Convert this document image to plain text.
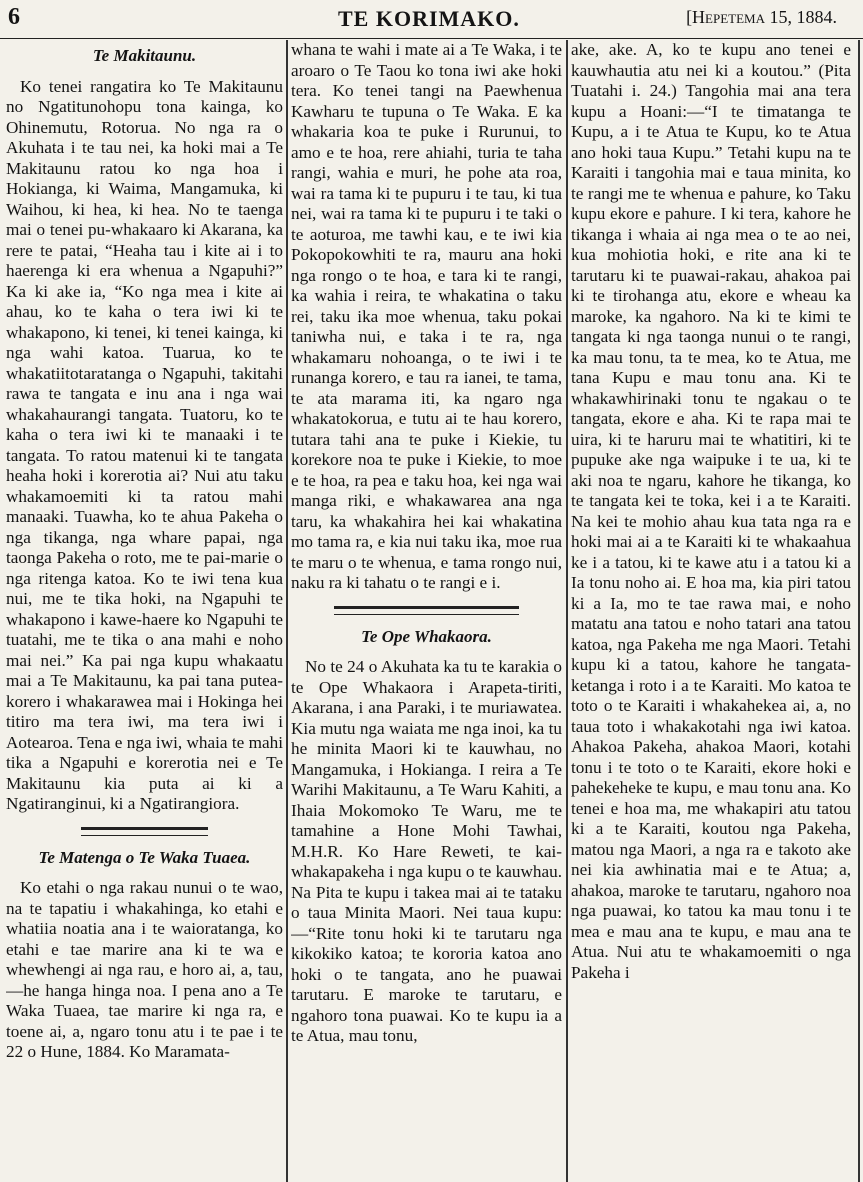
6	TE KORIMAKO.	[Hepetema 15, 1884.
Te Makitaunu.
Ko tenei rangatira ko Te Makitaunu no Ngatitunohopu tona kainga, ko Ohinemutu, Rotorua. No nga ra o Akuhata i te tau nei, ka hoki mai a Te Makitaunu ratou ko nga hoa i Hokianga, ki Waima, Mangamuka, ki Waihou, ki hea, ki hea. No te taenga mai o tenei pu-whakaaro ki Akarana, ka rere te patai, “Heaha tau i kite ai i to haerenga ki era whenua a Ngapuhi?” Ka ki ake ia, “Ko nga mea i kite ai ahau, ko te kaha o tera iwi ki te whakapono, ki tenei, ki tenei kainga, ki nga wahi katoa. Tuarua, ko te whakatiitotaratanga o Ngapuhi, takitahi rawa te tangata e inu ana i nga wai whakahaurangi tangata. Tuatoru, ko te kaha o tera iwi ki te manaaki i te tangata. To ratou matenui ki te tangata heaha hoki i korerotia ai? Nui atu taku whakamoemiti ki ta ratou mahi manaaki. Tuawha, ko te ahua Pakeha o nga tikanga, nga whare papai, nga taonga Pakeha o roto, me te pai-marie o nga ritenga katoa. Ko te iwi tena kua nui, me te tika hoki, na Ngapuhi te whakapono i kawe-haere ko Ngapuhi te tuatahi, me te tika o ana mahi e noho mai nei.” Ka pai nga kupu whakaatu mai a Te Makitaunu, ka pai tana putea-korero i whakarawea mai i Hokinga hei titiro ma tera iwi, ma tera iwi i Aotearoa. Tena e nga iwi, whaia te mahi tika a Ngapuhi e korerotia nei e Te Makitaunu kia puta ai ki a Ngatiranginui, ki a Ngatirangiora.
Te Matenga o Te Waka Tuaea.
Ko etahi o nga rakau nunui o te wao, na te tapatiu i whakahinga, ko etahi e whatiia noatia ana i te waioratanga, ko etahi e tae marire ana ki te wa e whewhengi ai nga rau, e horo ai, a, tau, —he hanga hinga noa. I pena ano a Te Waka Tuaea, tae marire ki nga ra, e toene ai, a, ngaro tonu atu i te pae i te 22 o Hune, 1884. Ko Maramata-
whana te wahi i mate ai a Te Waka, i te aroaro o Te Taou ko tona iwi ake hoki tera. Ko tenei tangi na Paewhenua Kawharu te tupuna o Te Waka. E ka whakaria koa te puke i Rurunui, to amo e te hoa, rere ahiahi, turia te taha rangi, wahia e muri, he pohe ata roa, wai ra tama ki te pupuru i te tau, ki tua nei, wai ra tama ki te pupuru i te taki o te aoturoa, me tawhi kau, e te iwi kia Pokopokowhiti te ra, mauru ana hoki nga rongo o te hoa, e tara ki te rangi, ka wahia i reira, te whakatina o taku rei, taku ika moe whenua, taku pokai taniwha nui, e taka i te ra, nga whakamaru nohoanga, o te iwi i te runanga korero, e tau ra ianei, te tama, te ata marama iti, ka ngaro nga whakatokorua, e tutu ai te hau korero, tutara tahi ana te puke i Kiekie, tu korekore noa te puke i Kiekie, to moe e te hoa, ra pea e taku hoa, kei nga wai manga riki, e whakawarea ana nga taru, ka whakahira hei kai whakatina mo tama ra, e kia nui taku ika, moe rua te maru o te whenua, e tama rongo nui, naku ra ki tahatu o te rangi e i.
Te Ope Whakaora.
No te 24 o Akuhata ka tu te karakia o te Ope Whakaora i Arapeta-tiriti, Akarana, i ana Paraki, i te muriawatea. Kia mutu nga waiata me nga inoi, ka tu he minita Maori ki te kauwhau, no Mangamuka, i Hokianga. I reira a Te Warihi Makitaunu, a Te Waru Kahiti, a Ihaia Mokomoko Te Waru, me te tamahine a Hone Mohi Tawhai, M.H.R. Ko Hare Reweti, te kai-whakapakeha i nga kupu o te kauwhau. Na Pita te kupu i takea mai ai te tataku o taua Minita Maori. Nei taua kupu:—“Rite tonu hoki ki te tarutaru nga kikokiko katoa; te kororia katoa ano hoki o te tangata, ano he puawai tarutaru. E maroke te tarutaru, e ngahoro tona puawai. Ko te kupu ia a te Atua, mau tonu,
ake, ake. A, ko te kupu ano tenei e kauwhautia atu nei ki a koutou.” (Pita Tuatahi i. 24.) Tangohia mai ana tera kupu a Hoani:—“I te timatanga te Kupu, a i te Atua te Kupu, ko te Atua ano hoki taua Kupu.” Tetahi kupu na te Karaiti i tangohia mai e taua minita, ko te rangi me te whenua e pahure, ko Taku kupu ekore e pahure. I ki tera, kahore he tikanga i whaia ai nga mea o te ao nei, kua mohiotia hoki, e rite ana ki te tarutaru ki te puawai-rakau, ahakoa pai ki te tirohanga atu, ekore e wheau ka maroke, ka ngahoro. Na ki te kimi te tangata ki nga taonga nunui o te rangi, ka mau tonu, ta te mea, ko te Atua, me tana Kupu e mau tonu ana. Ki te whakawhirinaki tonu te ngakau o te tangata, ekore e aha. Ki te rapa mai te uira, ki te haruru mai te whatitiri, ki te pupuke ake nga waipuke i te ua, ki te aki noa te ngaru, kahore he tikanga, ko te tangata kei te toka, kei i a te Karaiti. Na kei te mohio ahau kua tata nga ra e hoki mai ai a te Karaiti ki te whakaahua ke i a tatou, ki te kawe atu i a tatou ki a Ia tonu noho ai. E hoa ma, kia piri tatou ki a Ia, mo te tae rawa mai, e noho matatu ana tatou e noho tatari ana tatou katoa, nga Pakeha me nga Maori. Tetahi kupu ki a tatou, kahore he tangata-ketanga i roto i a te Karaiti. Mo katoa te toto o te Karaiti i whakahekea ai, a, no taua toto i whakakotahi nga iwi katoa. Ahakoa Pakeha, ahakoa Maori, kotahi tonu i te toto o te Karaiti, ekore hoki e pahekeheke te kupu, e mau tonu ana. Ko tenei e hoa ma, me whakapiri atu tatou ki a te Karaiti, koutou nga Pakeha, matou nga Maori, a nga ra e takoto ake nei kia awhinatia mai e te Atua; a, ahakoa, maroke te tarutaru, ngahoro noa nga puawai, ko tatou ka mau tonu i te mea e mau ana te kupu, e mau ana te Atua. Nui atu te whakamoemiti o nga Pakeha i
